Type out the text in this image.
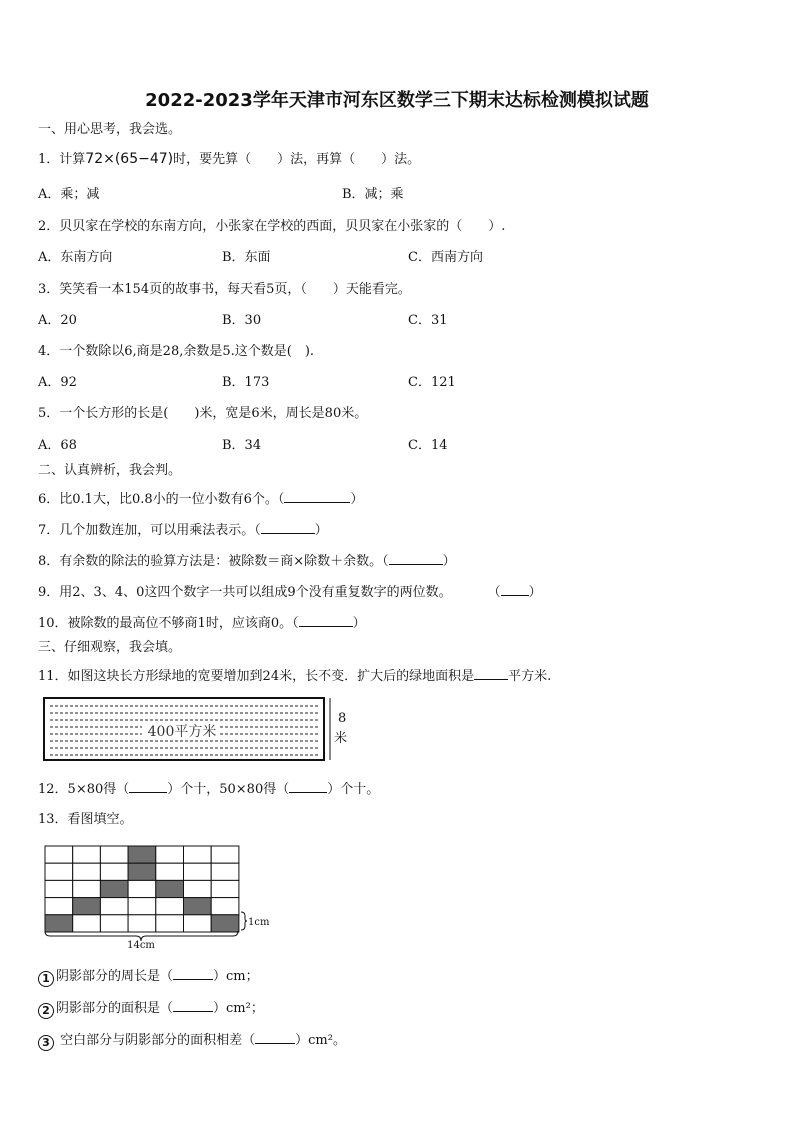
2022-2023学年天津市河东区数学三下期末达标检测模拟试题
一、用心思考，我会选。
1．计算72×(65−47)时，要先算（　　）法，再算（　　）法。
A．乘；减	B．减；乘
2．贝贝家在学校的东南方向，小张家在学校的西面，贝贝家在小张家的（　　）.
A．东南方向	B．东面	C．西南方向
3．笑笑看一本154页的故事书，每天看5页，（　　）天能看完。
A．20	B．30	C．31
4．一个数除以6,商是28,余数是5.这个数是(　).
A．92	B．173	C．121
5．一个长方形的长是(　　)米，宽是6米，周长是80米。
A．68	B．34	C．14
二、认真辨析，我会判。
6．比0.1大，比0.8小的一位小数有6个。（	）
7．几个加数连加，可以用乘法表示。（	）
8．有余数的除法的验算方法是：被除数＝商×除数＋余数。（	）
9．用2、3、4、0这四个数字一共可以组成9个没有重复数字的两位数。	（ ）
10．被除数的最高位不够商1时，应该商0。（	）
三、仔细观察，我会填。
11．如图这块长方形绿地的宽要增加到24米，长不变．扩大后的绿地面积是	平方米.
400平方米
8
米
12．5×80得（	）个十，50×80得（	）个十。
13．看图填空。
14cm
1cm
1 阴影部分的周长是（	）cm；
2 阴影部分的面积是（	）cm²；
3 空白部分与阴影部分的面积相差（	）cm²。
